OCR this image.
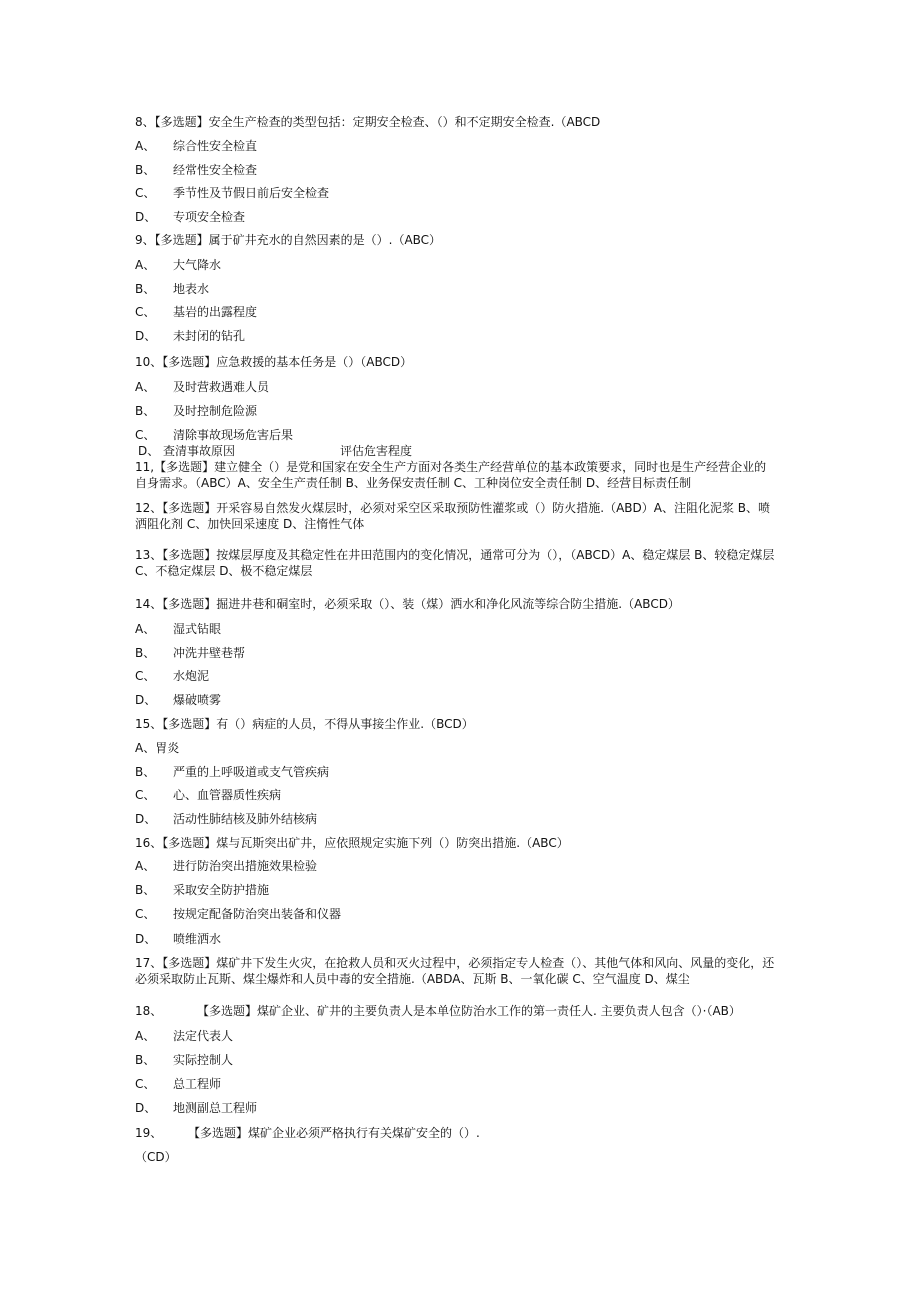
8、【多选题】安全生产检查的类型包括：定期安全检查、（）和不定期安全检查.（ABCD
A、 综合性安全检直
B、 经常性安全检查
C、 季节性及节假日前后安全检查
D、 专项安全检查
9、【多选题】属于矿井充水的自然因素的是（）.（ABC）
A、 大气降水
B、 地表水
C、 基岩的出露程度
D、 未封闭的钻孔
10、【多选题】应急救援的基本任务是（）（ABCD）
A、 及时营救遇难人员
B、 及时控制危险源
C、 清除事故现场危害后果
D、 查清事故原因	评估危害程度
11,【多选题】建立健全（）是党和国家在安全生产方面对各类生产经营单位的基本政策要求，同时也是生产经营企业的自身需求。（ABC）A、安全生产责任制 B、业务保安责任制 C、工种岗位安全责任制 D、经营目标责任制
12、【多选题】开采容易自然发火煤层时，必须对采空区采取预防性灌浆或（）防火措施.（ABD）A、注阻化泥浆 B、喷洒阻化剂 C、加快回采速度 D、注惰性气体
13、【多选题】按煤层厚度及其稳定性在井田范围内的变化情况，通常可分为（），（ABCD）A、稳定煤层 B、较稳定煤层 C、不稳定煤层 D、极不稳定煤层
14、【多选题】掘进井巷和硐室时，必须采取（）、装（煤）洒水和净化风流等综合防尘措施.（ABCD）
A、 湿式钻眼
B、 冲洗井壁巷帮
C、 水炮泥
D、 爆破喷雾
15、【多选题】有（）病症的人员，不得从事接尘作业.（BCD）
A、胃炎
B、 严重的上呼吸道或支气管疾病
C、 心、血管器质性疾病
D、 活动性肺结核及肺外结核病
16、【多选题】煤与瓦斯突出矿井，应依照规定实施下列（）防突出措施.（ABC）
A、 进行防治突出措施效果检验
B、 采取安全防护措施
C、 按规定配备防治突出装备和仪器
D、 喷维洒水
17、【多选题】煤矿井下发生火灾，在抢救人员和灭火过程中，必须指定专人检查（）、其他气体和风向、风量的变化，还必须采取防止瓦斯、煤尘爆炸和人员中毒的安全措施.（ABDA、瓦斯 B、一氧化碳 C、空气温度 D、煤尘
18、	【多选题】煤矿企业、矿井的主要负责人是本单位防治水工作的第一责任人. 主要负责人包含（）·（AB）
A、 法定代表人
B、 实际控制人
C、 总工程师
D、 地测副总工程师
19、 【多选题】煤矿企业必须严格执行有关煤矿安全的（）.
（CD）
